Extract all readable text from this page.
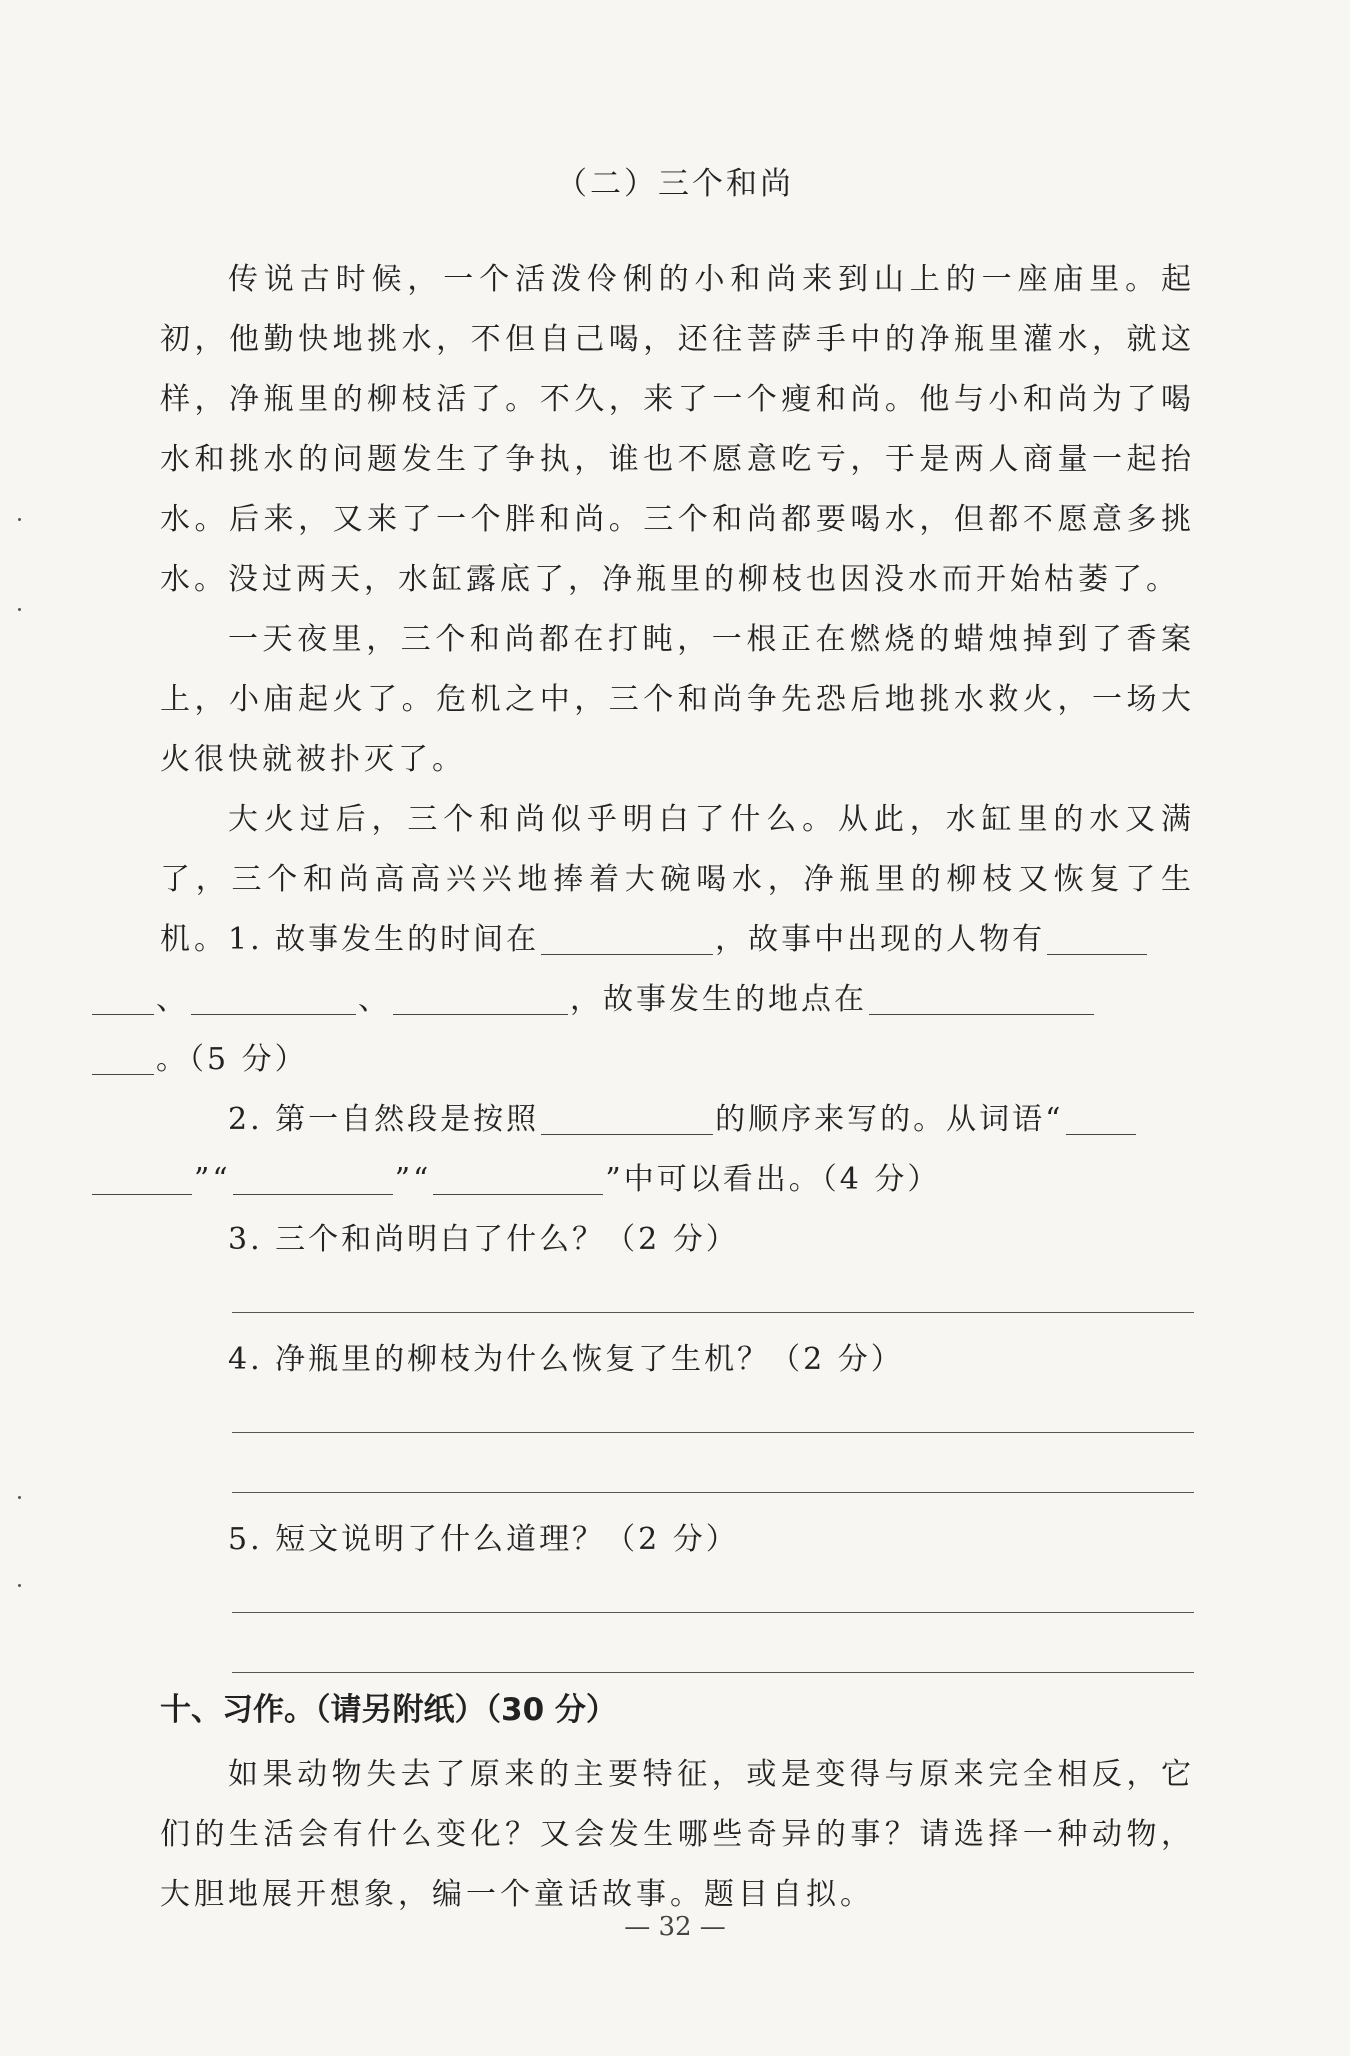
（二）三个和尚

传说古时候，一个活泼伶俐的小和尚来到山上的一座庙里。起初，他勤快地挑水，不但自己喝，还往菩萨手中的净瓶里灌水，就这样，净瓶里的柳枝活了。不久，来了一个瘦和尚。他与小和尚为了喝水和挑水的问题发生了争执，谁也不愿意吃亏，于是两人商量一起抬水。后来，又来了一个胖和尚。三个和尚都要喝水，但都不愿意多挑水。没过两天，水缸露底了，净瓶里的柳枝也因没水而开始枯萎了。

一天夜里，三个和尚都在打盹，一根正在燃烧的蜡烛掉到了香案上，小庙起火了。危机之中，三个和尚争先恐后地挑水救火，一场大火很快就被扑灭了。

大火过后，三个和尚似乎明白了什么。从此，水缸里的水又满了，三个和尚高高兴兴地捧着大碗喝水，净瓶里的柳枝又恢复了生机。 1. 故事发生的时间在	，故事中出现的人物有
、	、	，故事发生的地点在
。（5 分）

2. 第一自然段是按照	的顺序来写的。从词语“
”“	”“	”中可以看出。（4 分）

3. 三个和尚明白了什么？（2 分）

4. 净瓶里的柳枝为什么恢复了生机？（2 分）

5. 短文说明了什么道理？（2 分）

十、习作。（请另附纸）（30 分）

如果动物失去了原来的主要特征，或是变得与原来完全相反，它们的生活会有什么变化？又会发生哪些奇异的事？请选择一种动物，大胆地展开想象，编一个童话故事。题目自拟。

— 32 —
